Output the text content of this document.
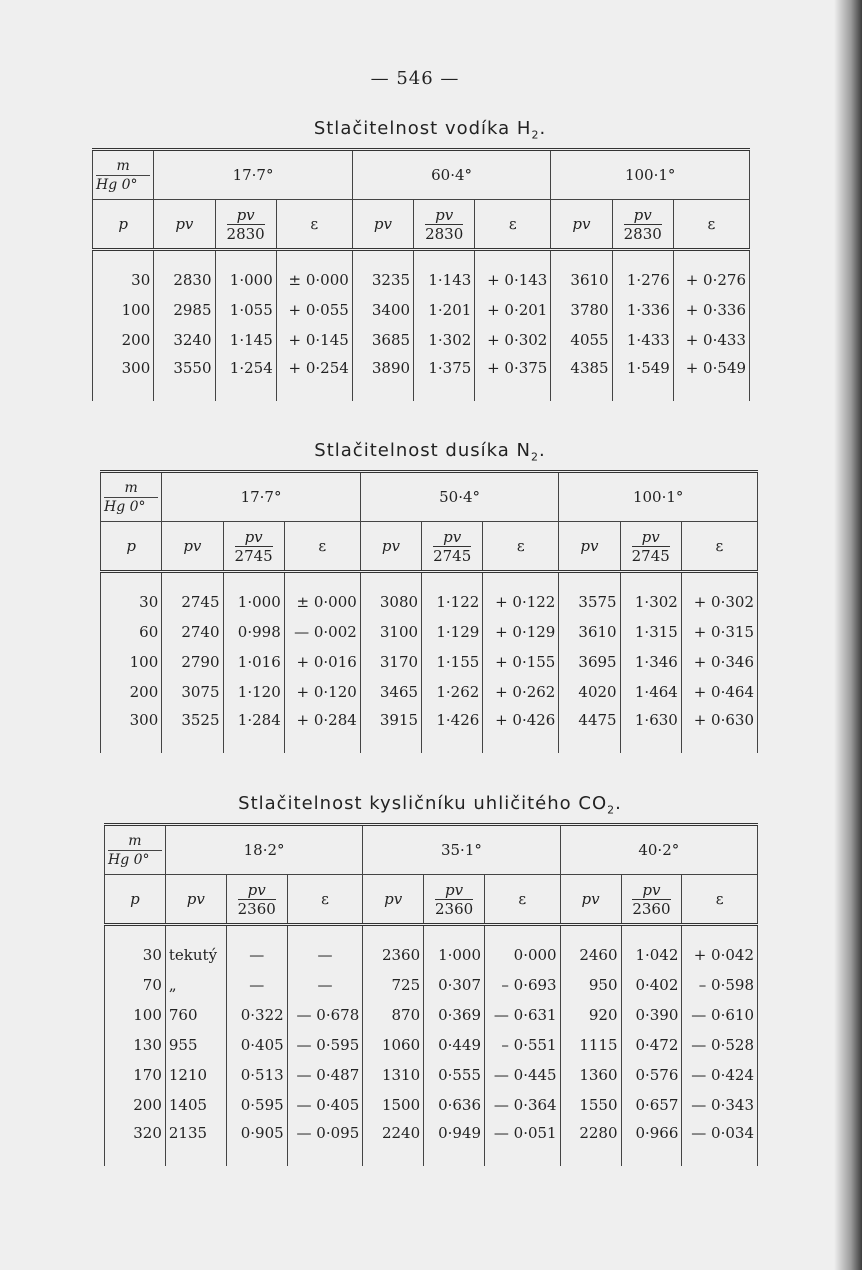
— 546 —
Stlačitelnost vodíka $H_2$.
m
Hg 0°	17·7°			60·4°			100·1°		
p	pv	$\frac{pv}{2830}$	ε	pv	$\frac{pv}{2830}$	ε	pv	$\frac{pv}{2830}$	ε

30	2830	1·000	± 0·000	3235	1·143	+ 0·143	3610	1·276	+ 0·276
100	2985	1·055	+ 0·055	3400	1·201	+ 0·201	3780	1·336	+ 0·336
200	3240	1·145	+ 0·145	3685	1·302	+ 0·302	4055	1·433	+ 0·433
300	3550	1·254	+ 0·254	3890	1·375	+ 0·375	4385	1·549	+ 0·549
Stlačitelnost dusíka $N_2$.
m
Hg 0°	17·7°			50·4°			100·1°		
p	pv	$\frac{pv}{2745}$	ε	pv	$\frac{pv}{2745}$	ε	pv	$\frac{pv}{2745}$	ε

30	2745	1·000	± 0·000	3080	1·122	+ 0·122	3575	1·302	+ 0·302
60	2740	0·998	— 0·002	3100	1·129	+ 0·129	3610	1·315	+ 0·315
100	2790	1·016	+ 0·016	3170	1·155	+ 0·155	3695	1·346	+ 0·346
200	3075	1·120	+ 0·120	3465	1·262	+ 0·262	4020	1·464	+ 0·464
300	3525	1·284	+ 0·284	3915	1·426	+ 0·426	4475	1·630	+ 0·630
Stlačitelnost kysličníku uhličitého $CO_2$.
m
Hg 0°	18·2°			35·1°			40·2°		
p	pv	$\frac{pv}{2360}$	ε	pv	$\frac{pv}{2360}$	ε	pv	$\frac{pv}{2360}$	ε

30	tekutý	—	—	2360	1·000	0·000	2460	1·042	+ 0·042
70	„	—	—	725	0·307	– 0·693	950	0·402	– 0·598
100	760	0·322	— 0·678	870	0·369	— 0·631	920	0·390	— 0·610
130	955	0·405	— 0·595	1060	0·449	– 0·551	1115	0·472	— 0·528
170	1210	0·513	— 0·487	1310	0·555	— 0·445	1360	0·576	— 0·424
200	1405	0·595	— 0·405	1500	0·636	— 0·364	1550	0·657	— 0·343
320	2135	0·905	— 0·095	2240	0·949	— 0·051	2280	0·966	— 0·034
